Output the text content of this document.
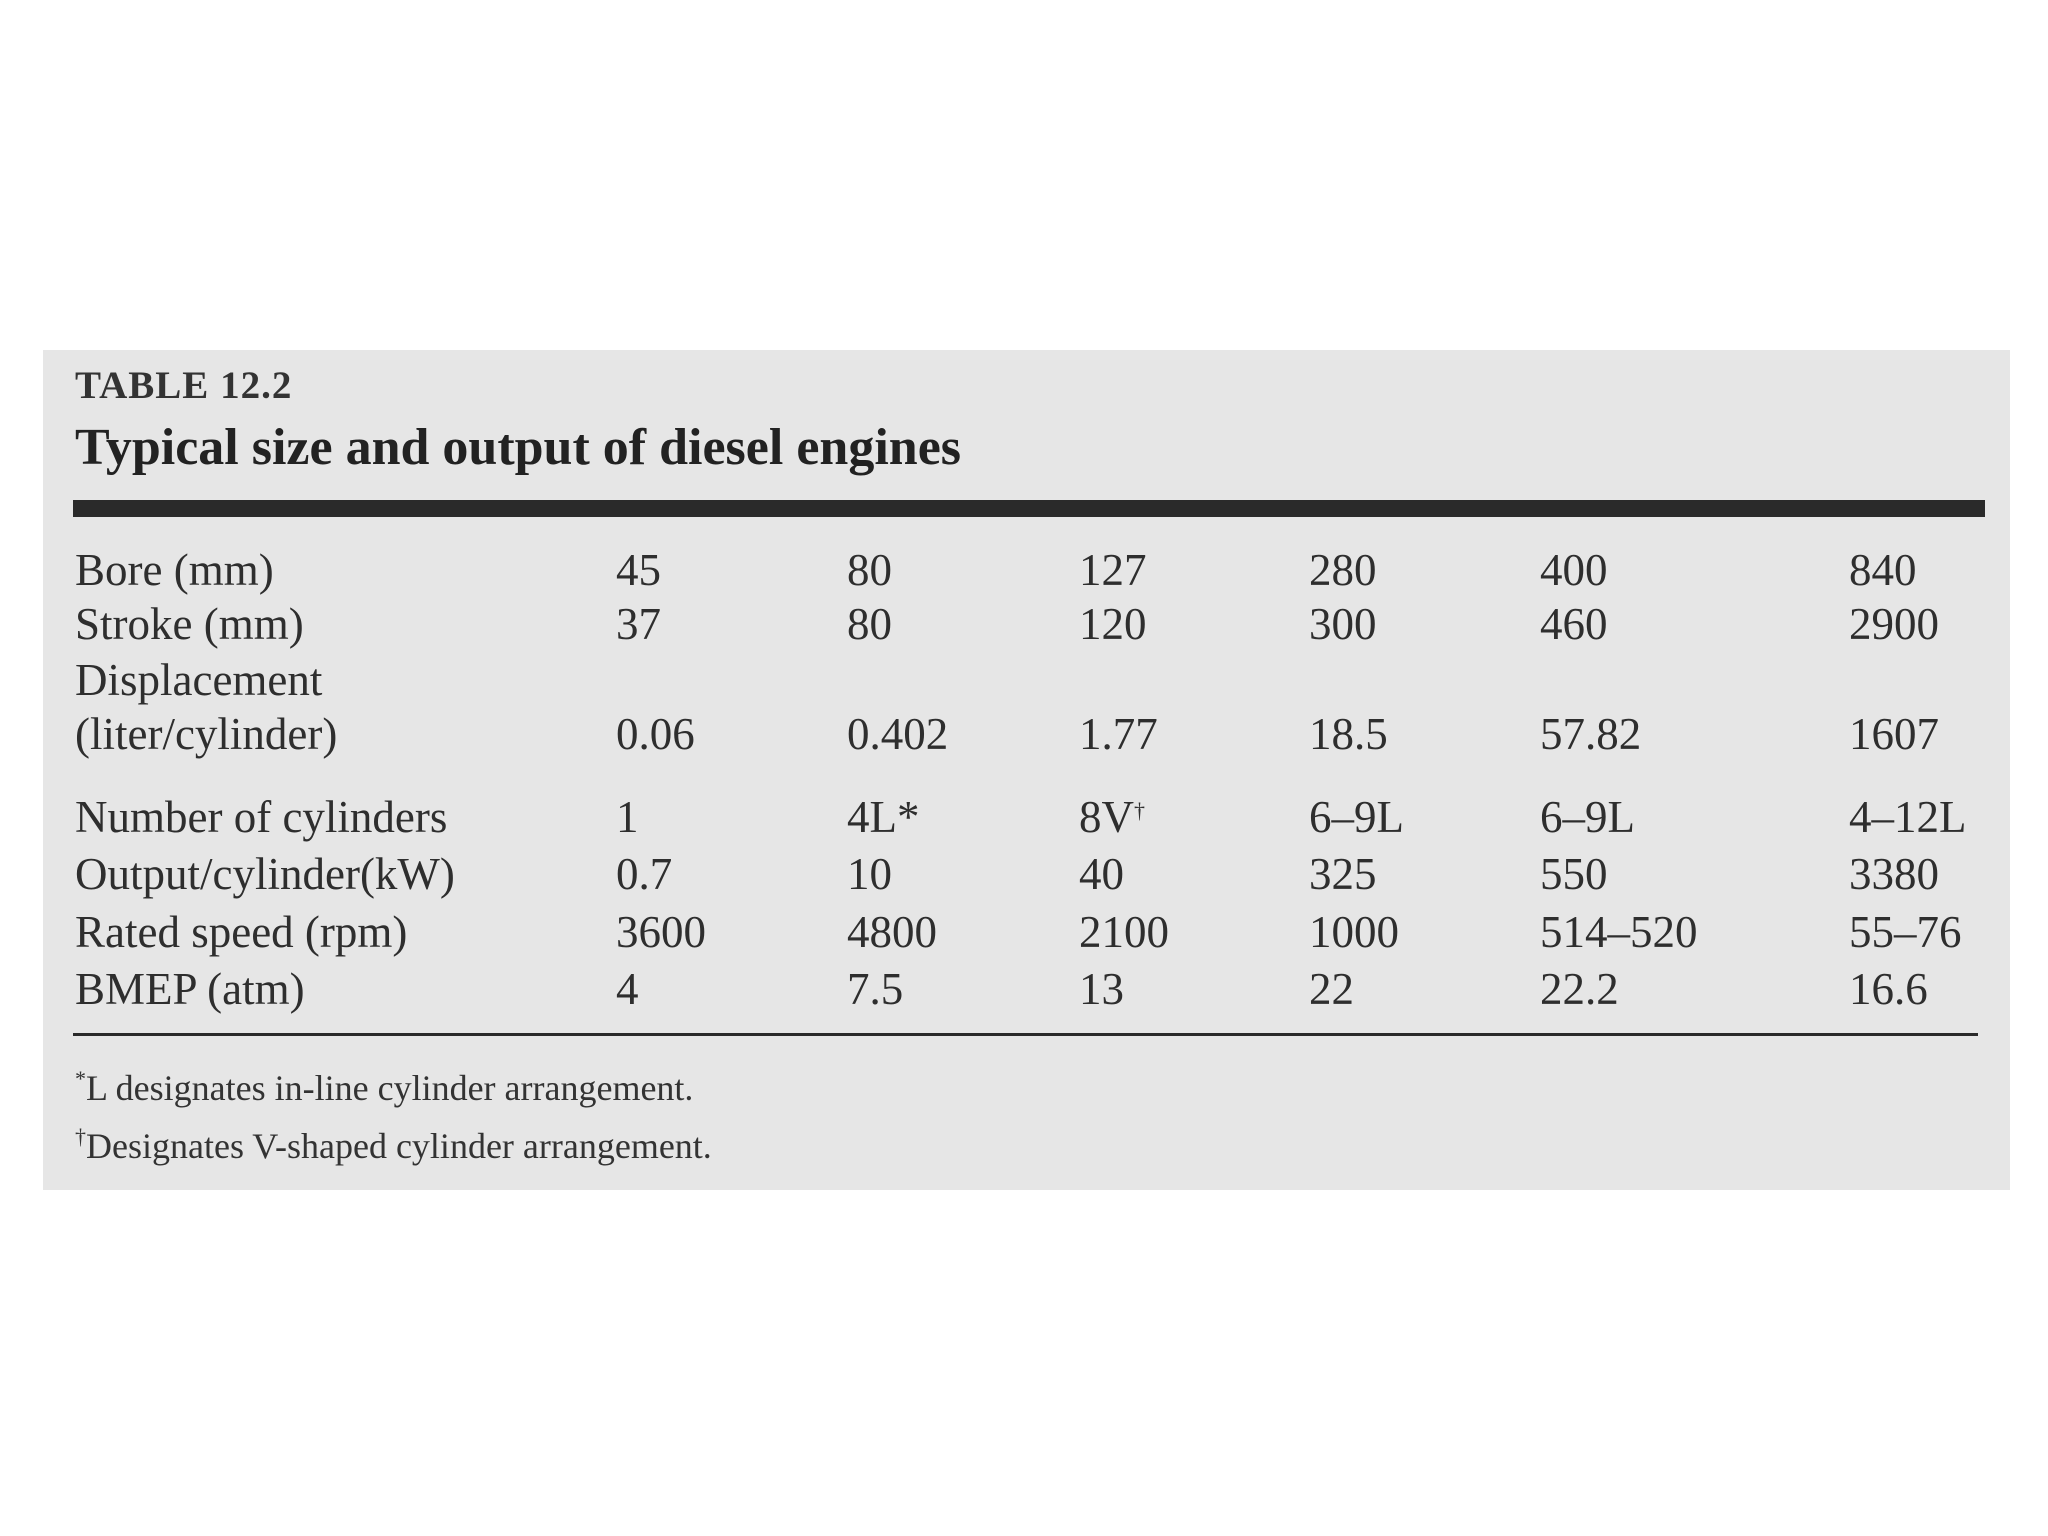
TABLE 12.2
Typical size and output of diesel engines
Bore (mm)	45	80	127	280	400	840
Stroke (mm)	37	80	120	300	460	2900
Displacement
(liter/cylinder)	0.06	0.402	1.77	18.5	57.82	1607
Number of cylinders	1	4L*	8V†	6–9L	6–9L	4–12L
Output/cylinder(kW)	0.7	10	40	325	550	3380
Rated speed (rpm)	3600	4800	2100	1000	514–520	55–76
BMEP (atm)	4	7.5	13	22	22.2	16.6
*L designates in-line cylinder arrangement.
†Designates V-shaped cylinder arrangement.
